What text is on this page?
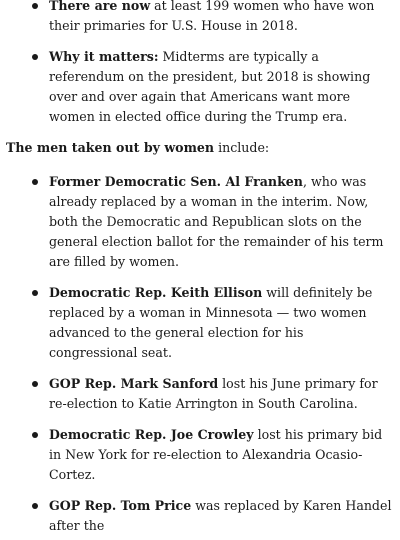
There are now at least 199 women who have won their primaries for U.S. House in 2018.
Why it matters: Midterms are typically a referendum on the president, but 2018 is showing over and over again that Americans want more women in elected office during the Trump era.

The men taken out by women include:

Former Democratic Sen. Al Franken, who was already replaced by a woman in the interim. Now, both the Democratic and Republican slots on the general election ballot for the remainder of his term are filled by women.
Democratic Rep. Keith Ellison will definitely be replaced by a woman in Minnesota — two women advanced to the general election for his congressional seat.
GOP Rep. Mark Sanford lost his June primary for re-election to Katie Arrington in South Carolina.
Democratic Rep. Joe Crowley lost his primary bid in New York for re-election to Alexandria Ocasio-Cortez.
GOP Rep. Tom Price was replaced by Karen Handel after the
